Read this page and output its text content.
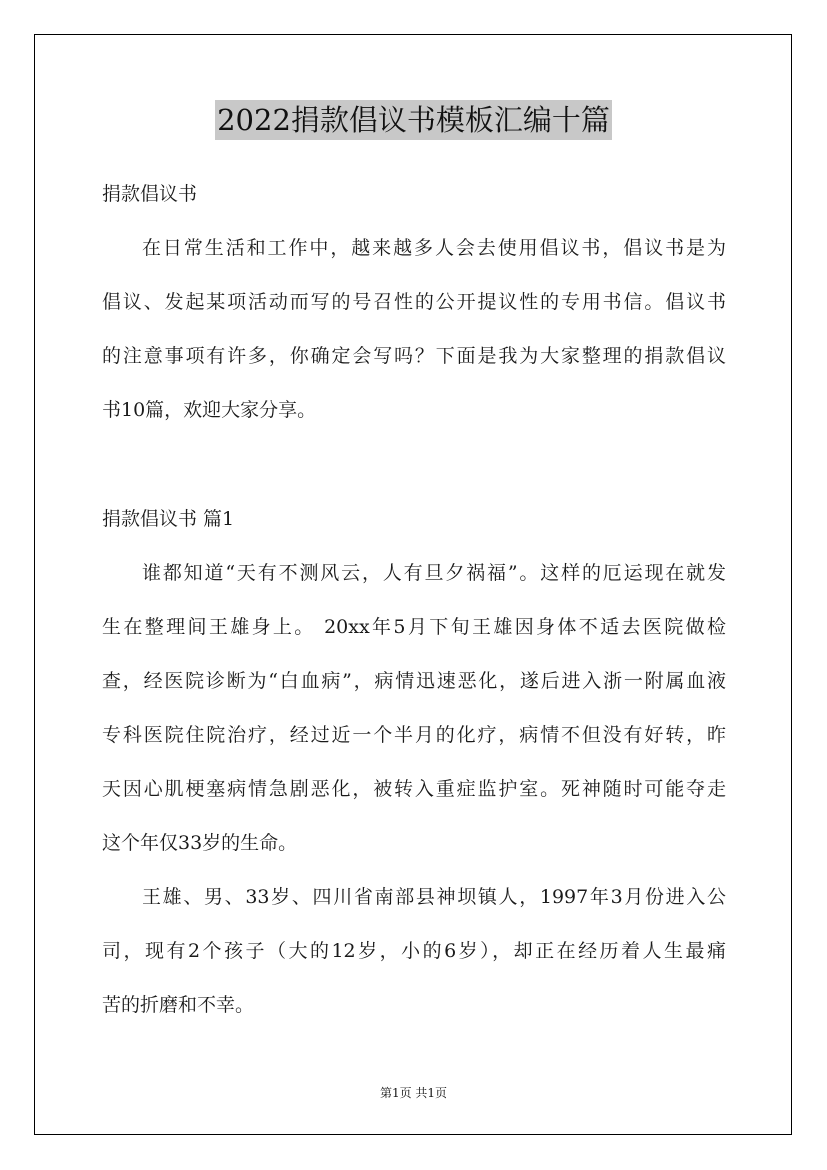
2022捐款倡议书模板汇编十篇
捐款倡议书
在日常生活和工作中，越来越多人会去使用倡议书，倡议书是为
倡议、发起某项活动而写的号召性的公开提议性的专用书信。倡议书
的注意事项有许多，你确定会写吗？下面是我为大家整理的捐款倡议
书10篇，欢迎大家分享。
捐款倡议书 篇1
谁都知道“天有不测风云，人有旦夕祸福”。这样的厄运现在就发
生在整理间王雄身上。 20xx年5月下旬王雄因身体不适去医院做检
查，经医院诊断为“白血病”，病情迅速恶化，遂后进入浙一附属血液
专科医院住院治疗，经过近一个半月的化疗，病情不但没有好转，昨
天因心肌梗塞病情急剧恶化，被转入重症监护室。死神随时可能夺走
这个年仅33岁的生命。
王雄、男、33岁、四川省南部县神坝镇人，1997年3月份进入公
司，现有2个孩子（大的12岁，小的6岁），却正在经历着人生最痛
苦的折磨和不幸。
第1页 共1页
